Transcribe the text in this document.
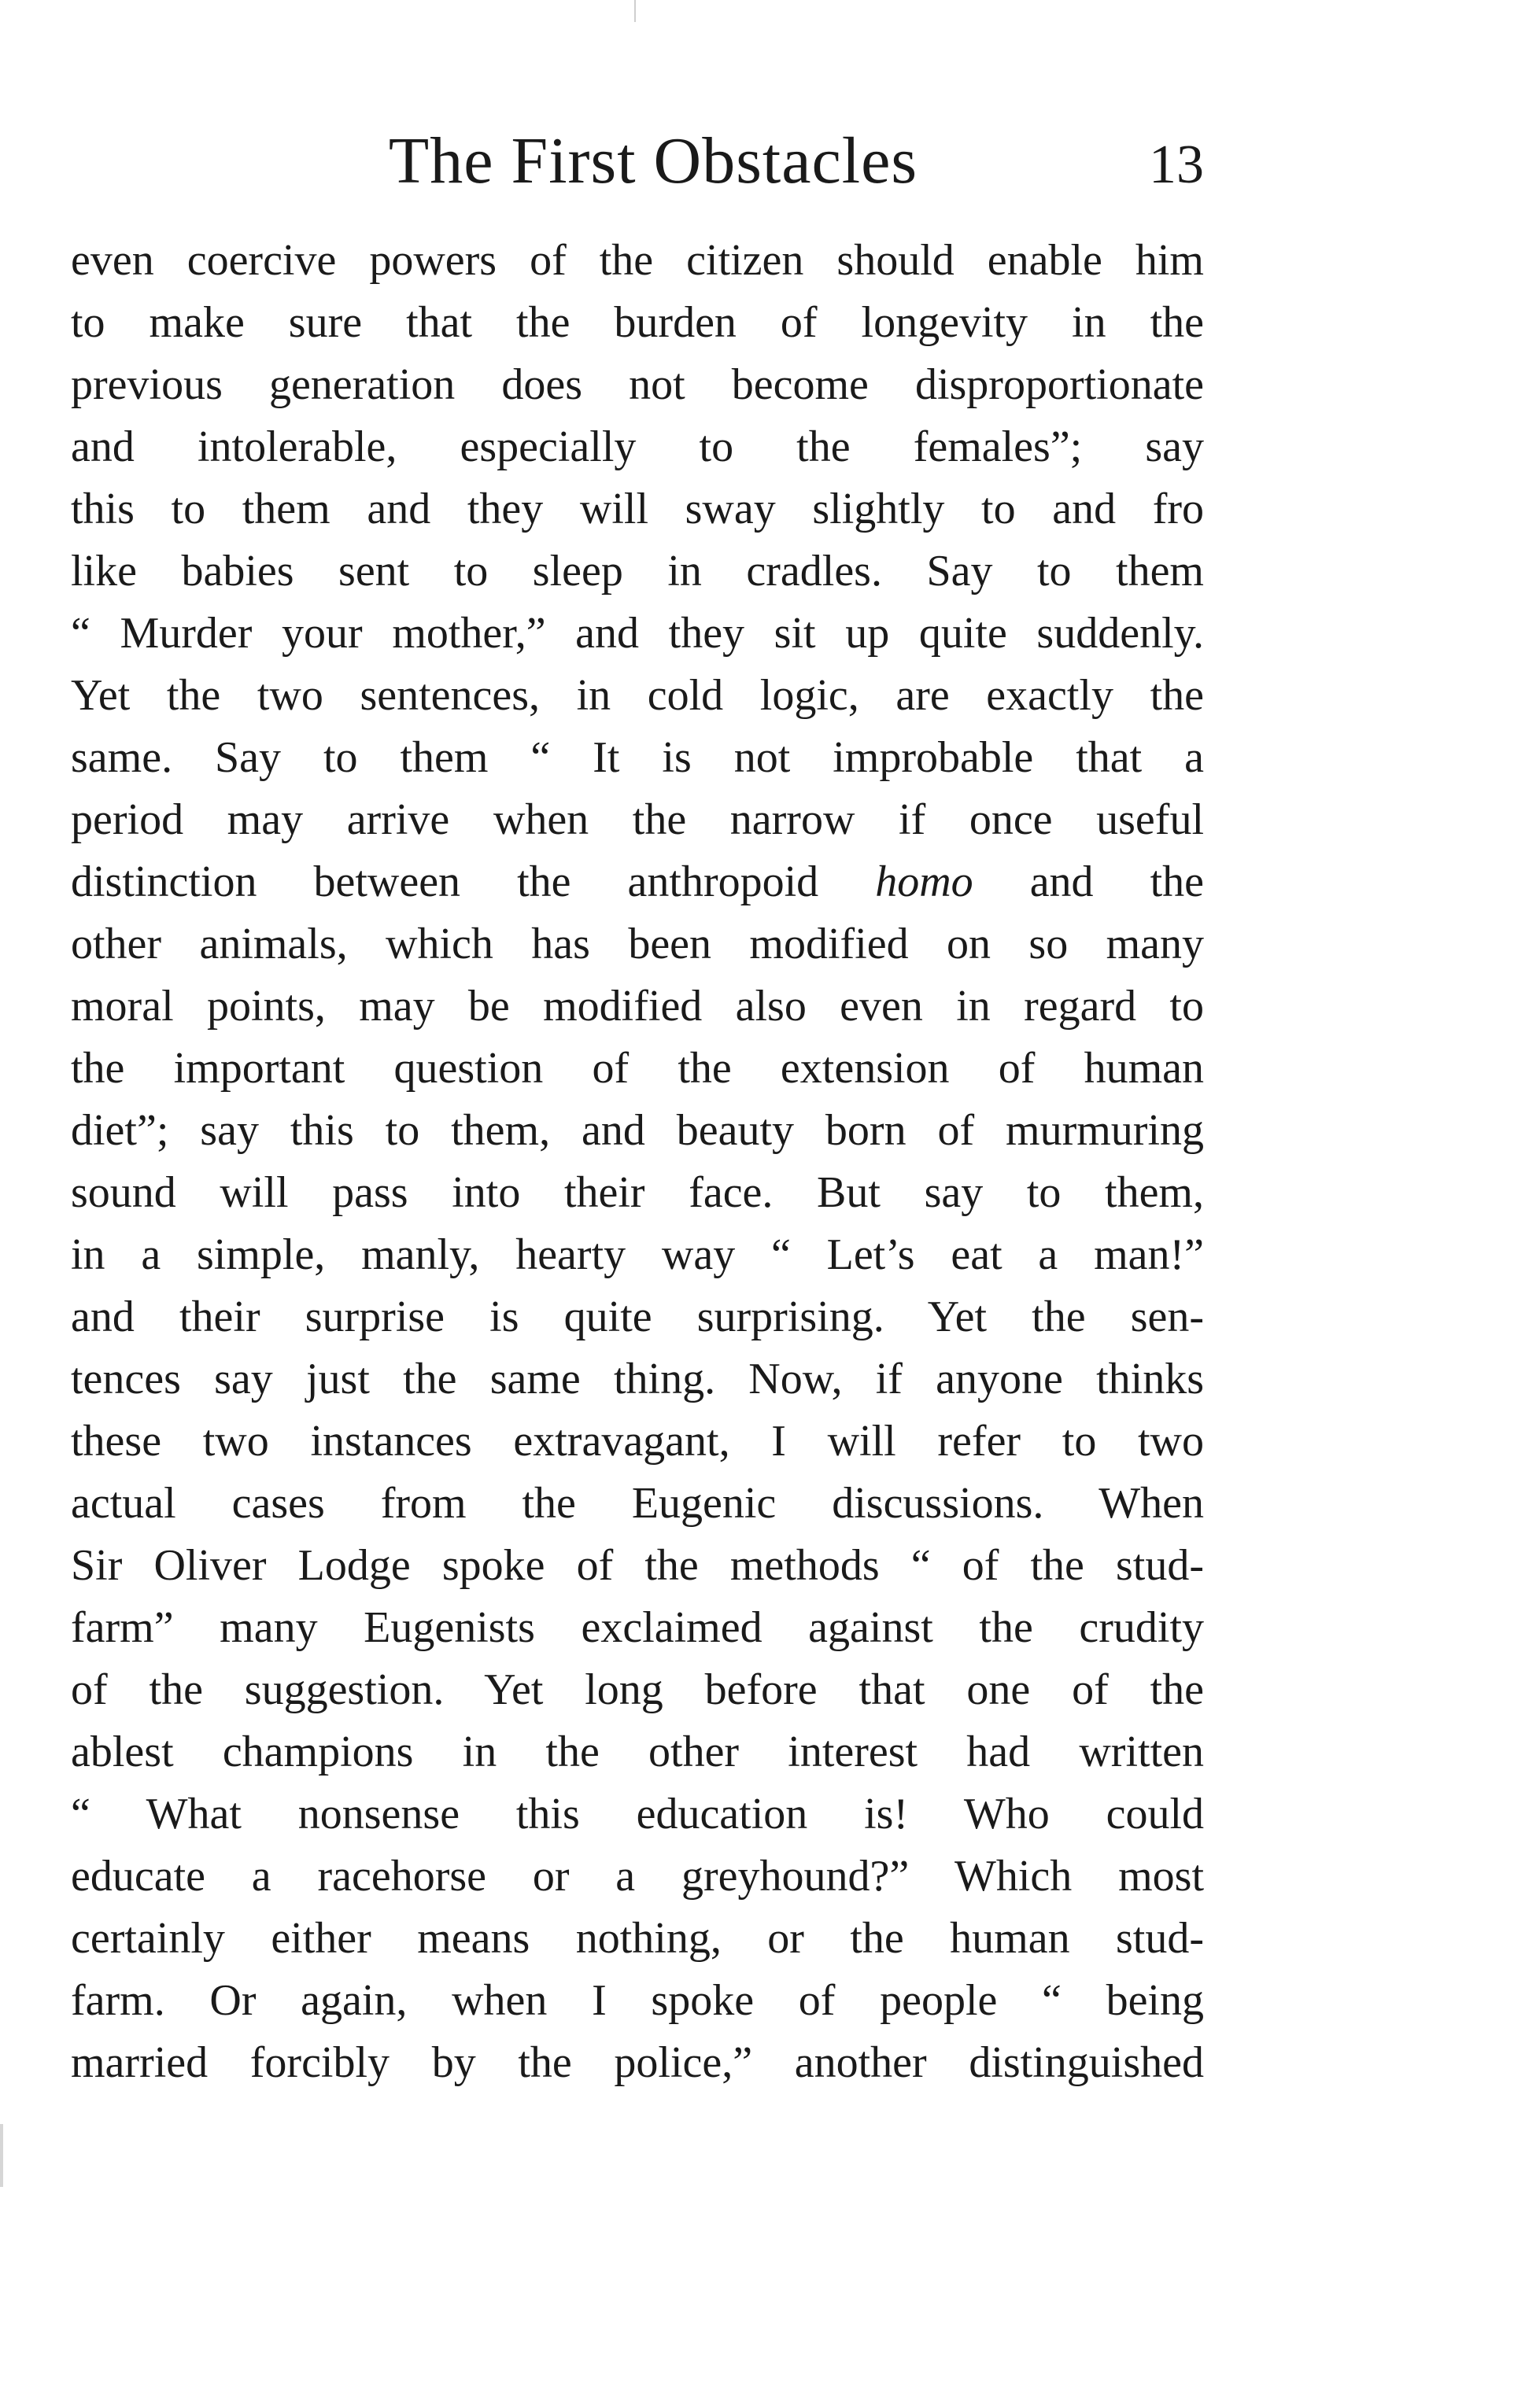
The First Obstacles	13
even coercive powers of the citizen should enable him
to make sure that the burden of longevity in the
previous generation does not become disproportionate
and intolerable, especially to the females”; say
this to them and they will sway slightly to and fro
like babies sent to sleep in cradles. Say to them
“ Murder your mother,” and they sit up quite suddenly.
Yet the two sentences, in cold logic, are exactly the
same. Say to them “ It is not improbable that a
period may arrive when the narrow if once useful
distinction between the anthropoid homo and the
other animals, which has been modified on so many
moral points, may be modified also even in regard to
the important question of the extension of human
diet”; say this to them, and beauty born of murmuring
sound will pass into their face. But say to them,
in a simple, manly, hearty way “ Let’s eat a man!”
and their surprise is quite surprising. Yet the sen-
tences say just the same thing. Now, if anyone thinks
these two instances extravagant, I will refer to two
actual cases from the Eugenic discussions. When
Sir Oliver Lodge spoke of the methods “ of the stud-
farm” many Eugenists exclaimed against the crudity
of the suggestion. Yet long before that one of the
ablest champions in the other interest had written
“ What nonsense this education is! Who could
educate a racehorse or a greyhound?” Which most
certainly either means nothing, or the human stud-
farm. Or again, when I spoke of people “ being
married forcibly by the police,” another distinguished
